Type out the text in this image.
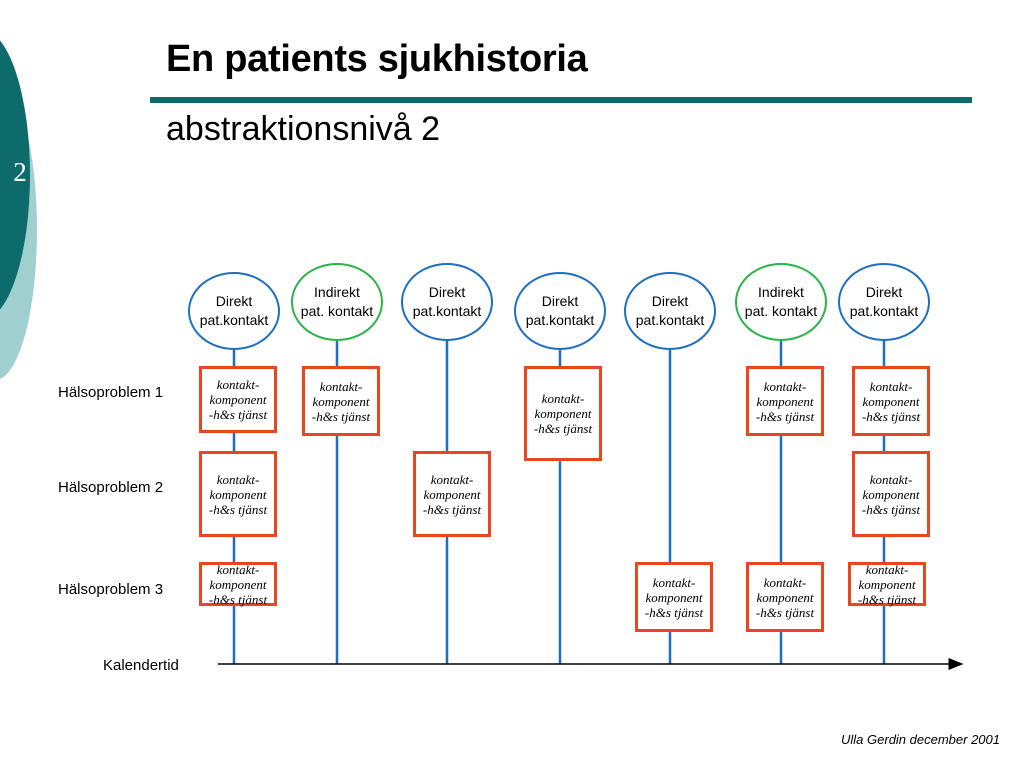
2
En patients sjukhistoria
abstraktionsnivå 2
Direkt
pat.kontakt
Indirekt
pat. kontakt
Direkt
pat.kontakt
Direkt
pat.kontakt
Direkt
pat.kontakt
Indirekt
pat. kontakt
Direkt
pat.kontakt
Hälsoproblem 1
Hälsoproblem 2
Hälsoproblem 3
kontakt-
komponent
-h&s tjänst
kontakt-
komponent
-h&s tjänst
kontakt-
komponent
-h&s tjänst
kontakt-
komponent
-h&s tjänst
kontakt-
komponent
-h&s tjänst
kontakt-
komponent
-h&s tjänst
kontakt-
komponent
-h&s tjänst
kontakt-
komponent
-h&s tjänst
kontakt-
komponent
-h&s tjänst
kontakt-
komponent
-h&s tjänst
kontakt-
komponent
-h&s tjänst
kontakt-
komponent
-h&s tjänst
Kalendertid
Ulla Gerdin december 2001
